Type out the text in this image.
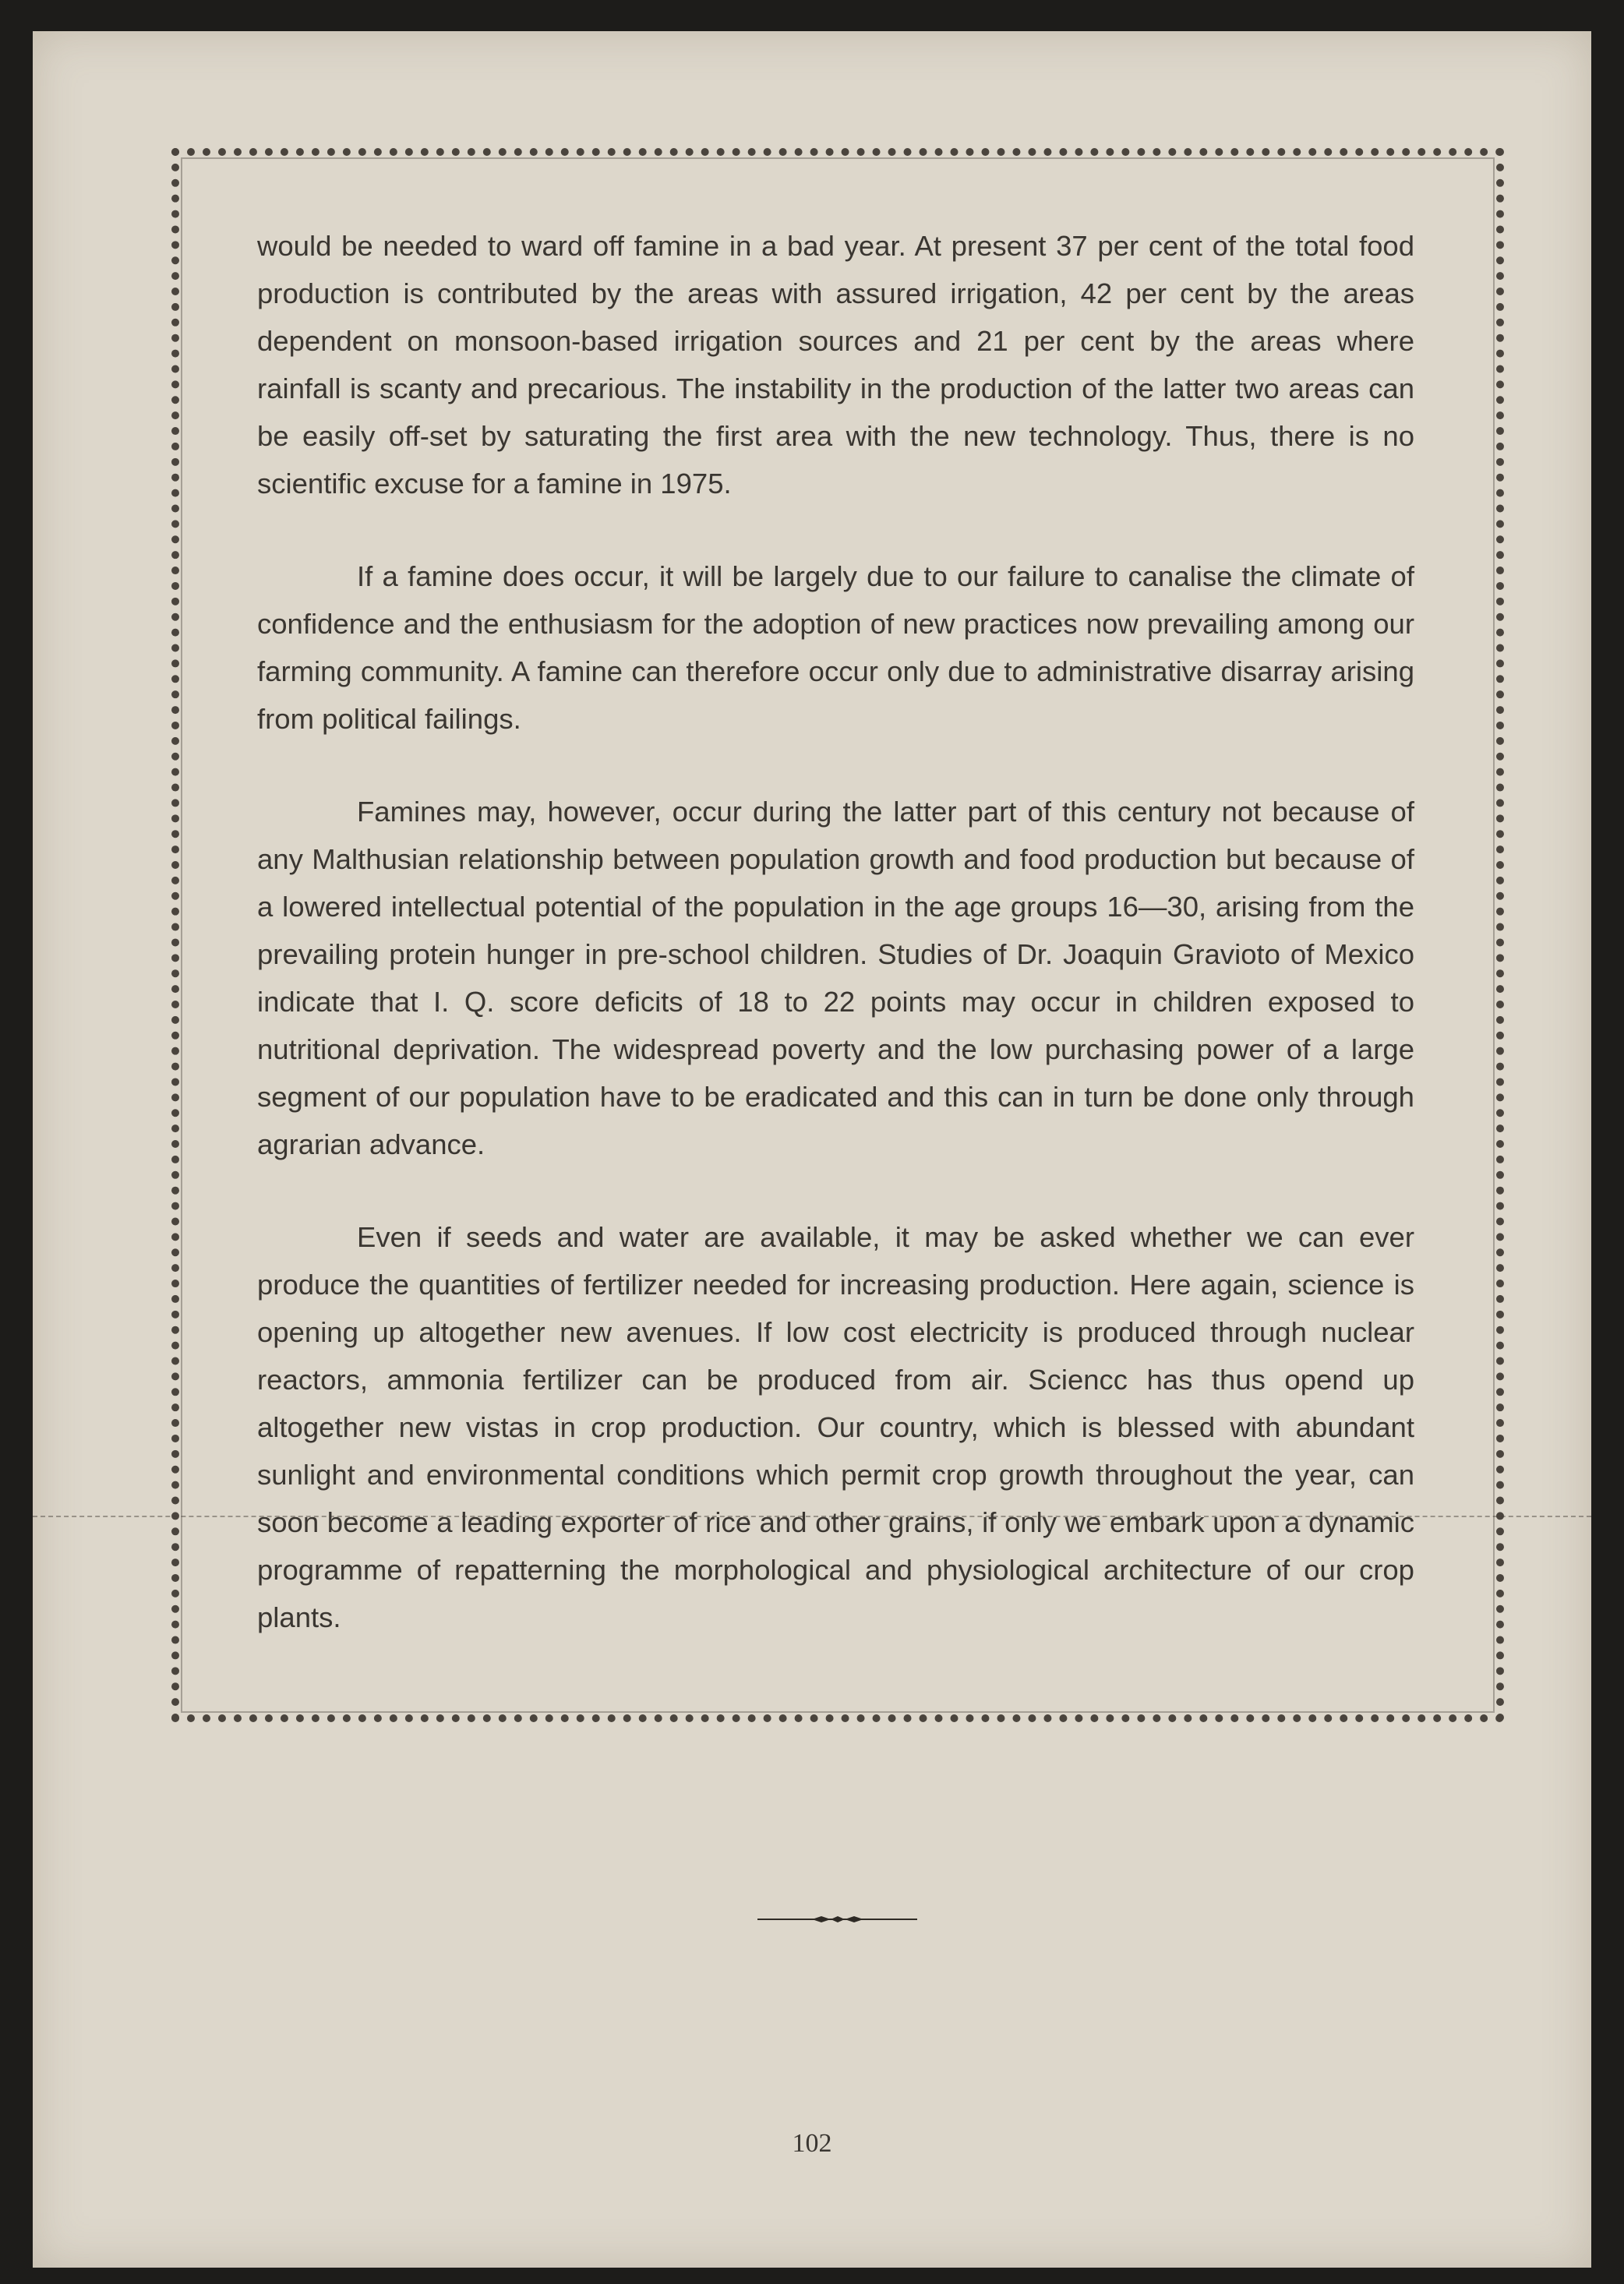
would be needed to ward off famine in a bad year. At present 37 per cent of the total food production is contributed by the areas with assured irrigation, 42 per cent by the areas dependent on monsoon-based irrigation sources and 21 per cent by the areas where rainfall is scanty and precarious. The instability in the production of the latter two areas can be easily off-set by saturating the first area with the new technology. Thus, there is no scientific excuse for a famine in 1975.

If a famine does occur, it will be largely due to our failure to canalise the climate of confidence and the enthusiasm for the adoption of new practices now prevailing among our farming community. A famine can therefore occur only due to administrative disarray arising from political failings.

Famines may, however, occur during the latter part of this century not because of any Malthusian relationship between population growth and food production but because of a lowered intellectual potential of the population in the age groups 16—30, arising from the prevailing protein hunger in pre-school children. Studies of Dr. Joaquin Gravioto of Mexico indicate that I. Q. score deficits of 18 to 22 points may occur in children exposed to nutritional deprivation. The widespread poverty and the low purchasing power of a large segment of our population have to be eradicated and this can in turn be done only through agrarian advance.

Even if seeds and water are available, it may be asked whether we can ever produce the quantities of fertilizer needed for increasing production. Here again, science is opening up altogether new avenues. If low cost electricity is produced through nuclear reactors, ammonia fertilizer can be produced from air. Sciencc has thus opend up altogether new vistas in crop production. Our country, which is blessed with abundant sunlight and environmental conditions which permit crop growth throughout the year, can soon become a leading exporter of rice and other grains, if only we embark upon a dynamic programme of repatterning the morphological and physiological architecture of our crop plants.

102
